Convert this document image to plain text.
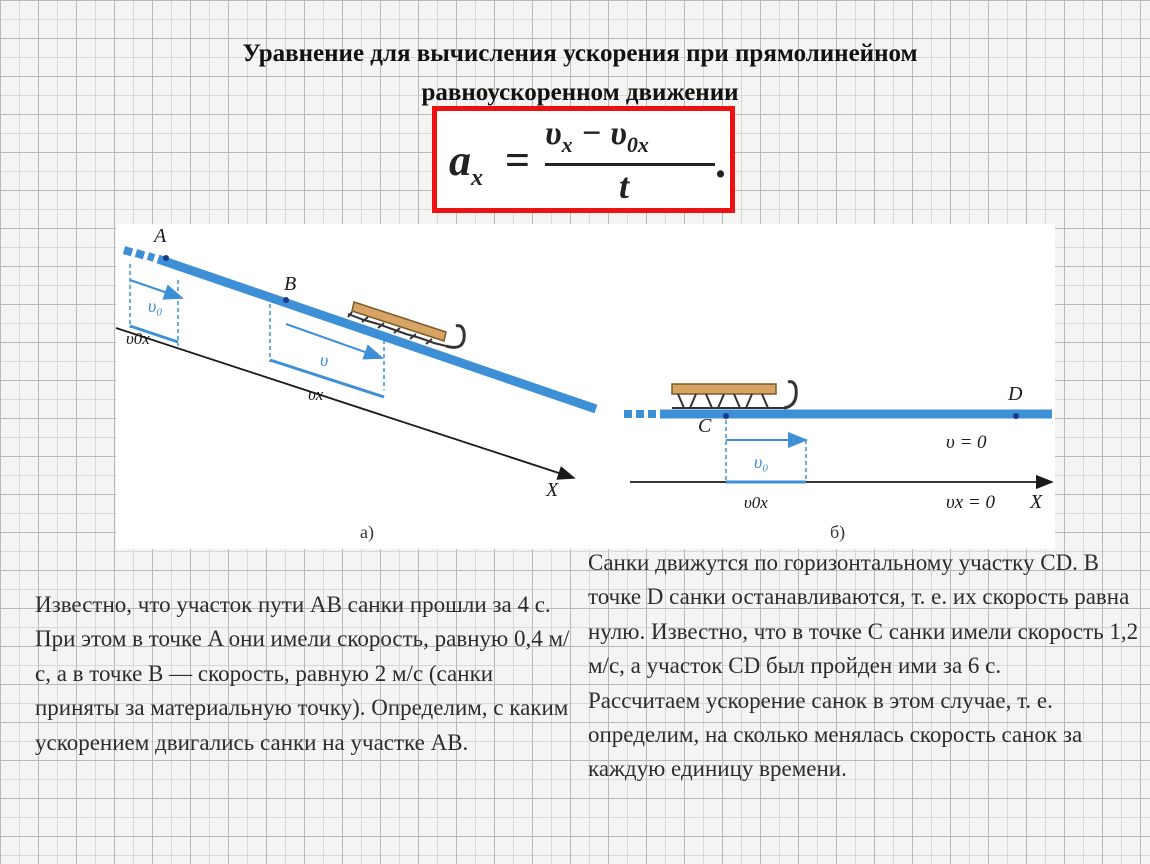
Уравнение для вычисления ускорения при прямолинейном
равноускоренном движении
$a_x$ =
$\upsilon_x - \upsilon_{0x}$
t .
A
B
υ₀
υ
υ0x
υx
X
а)
C
D
υ₀
υ = 0
υ0x	υx = 0 X
б)
Известно, что участок пути AB санки прошли за 4 с. При этом в точке A они имели скорость, равную 0,4 м/с, а в точке B — скорость, равную 2 м/с (санки приняты за материальную точку). Определим, с каким ускорением двигались санки на участке AB.
Санки движутся по горизонтальному участку CD. В точке D санки останавливаются, т. е. их скорость равна нулю. Известно, что в точке C санки имели скорость 1,2 м/с, а участок CD был пройден ими за 6 с.
Рассчитаем ускорение санок в этом случае, т. е. определим, на сколько менялась скорость санок за каждую единицу времени.
